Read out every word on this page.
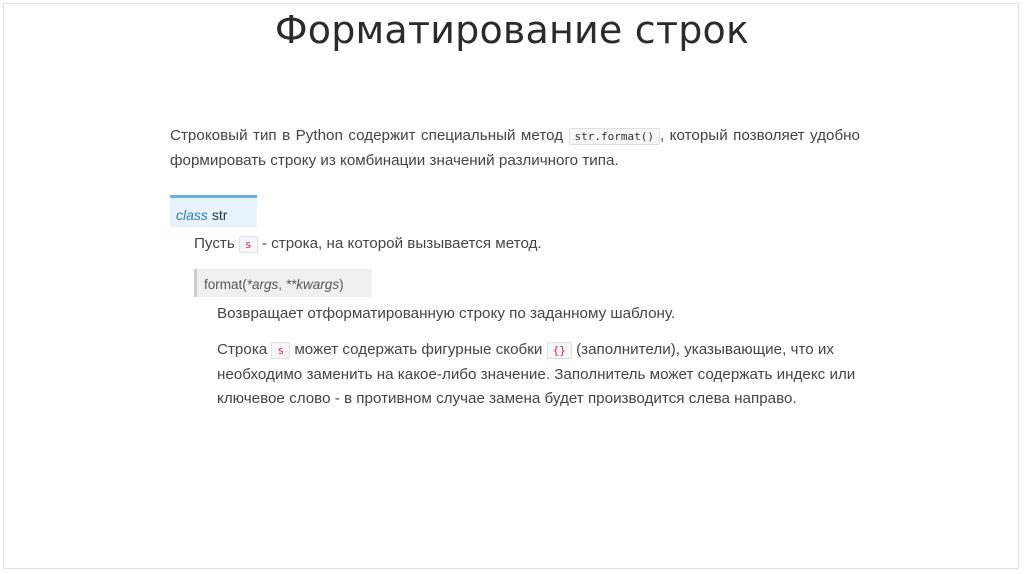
Форматирование строк

Строковый тип в Python содержит специальный метод str.format() , который позволяет удобно формировать строку из комбинации значений различного типа.

class str

Пусть s - строка, на которой вызывается метод.

format(*args, **kwargs)

Возвращает отформатированную строку по заданному шаблону.

Строка s может содержать фигурные скобки {} (заполнители), указывающие, что их необходимо заменить на какое-либо значение. Заполнитель может содержать индекс или ключевое слово - в противном случае замена будет производится слева направо.
